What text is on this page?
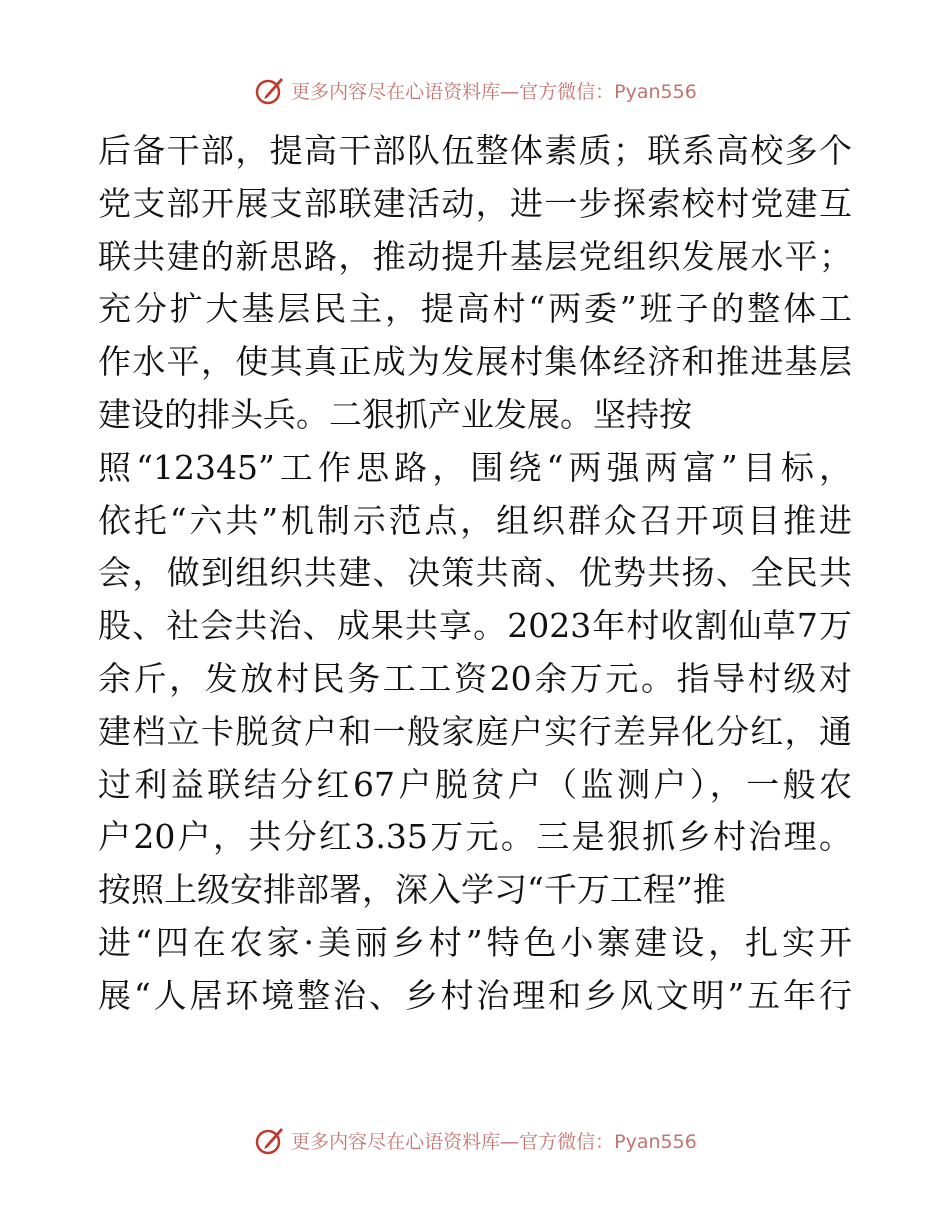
更多内容尽在心语资料库—官方微信：Pyan556
后备干部，提高干部队伍整体素质；联系高校多个
党支部开展支部联建活动，进一步探索校村党建互
联共建的新思路，推动提升基层党组织发展水平；
充分扩大基层民主，提高村“两委”班子的整体工
作水平，使其真正成为发展村集体经济和推进基层
建设的排头兵。二狠抓产业发展。坚持按
照“12345”工作思路，围绕“两强两富”目标，
依托“六共”机制示范点，组织群众召开项目推进
会，做到组织共建、决策共商、优势共扬、全民共
股、社会共治、成果共享。2023年村收割仙草7万
余斤，发放村民务工工资20余万元。指导村级对
建档立卡脱贫户和一般家庭户实行差异化分红，通
过利益联结分红67户脱贫户（监测户），一般农
户20户，共分红3.35万元。三是狠抓乡村治理。
按照上级安排部署，深入学习“千万工程”推
进“四在农家·美丽乡村”特色小寨建设，扎实开
展“人居环境整治、乡村治理和乡风文明”五年行
更多内容尽在心语资料库—官方微信：Pyan556
